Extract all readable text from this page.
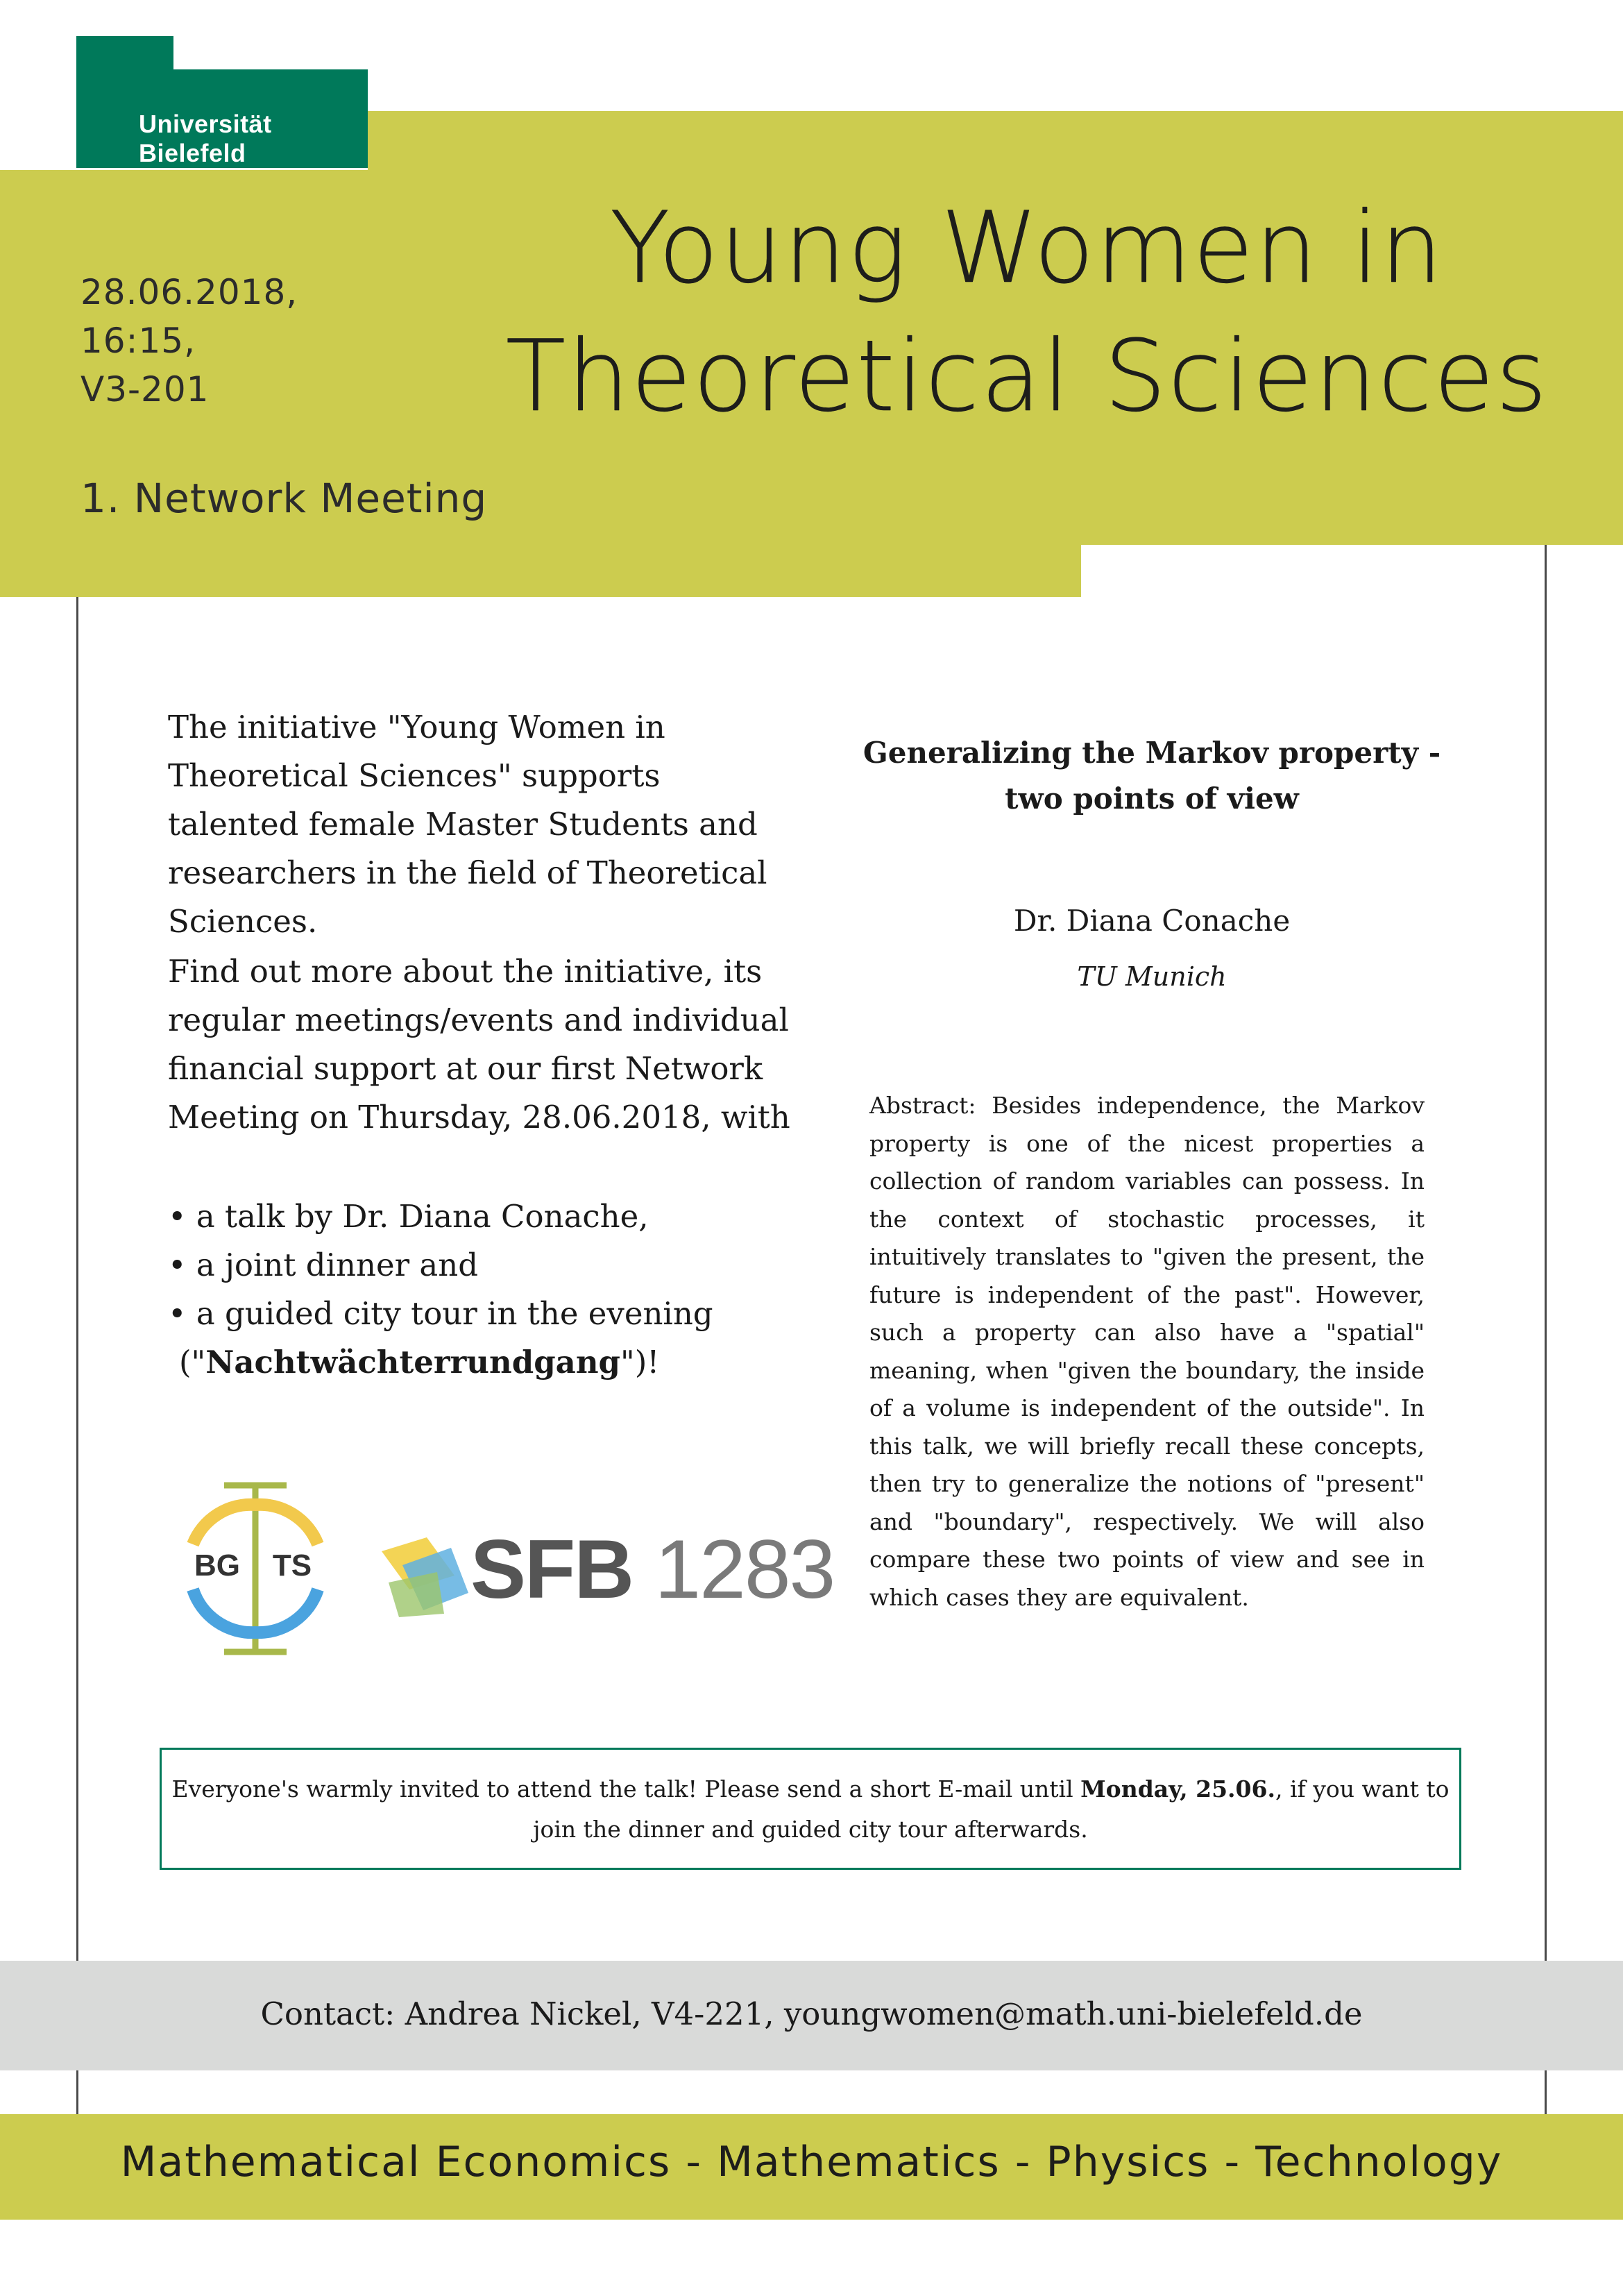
Universität Bielefeld
Young Women in
Theoretical Sciences
28.06.2018,
16:15,
V3-201
1. Network Meeting
The initiative "Young Women in Theoretical Sciences" supports talented female Master Students and researchers in the field of Theoretical Sciences.
Find out more about the initiative, its regular meetings/events and individual financial support at our first Network Meeting on Thursday, 28.06.2018, with
• a talk by Dr. Diana Conache,
• a joint dinner and
• a guided city tour in the evening
("Nachtwächterrundgang")!
Generalizing the Markov property -
two points of view
Dr. Diana Conache
TU Munich
Abstract: Besides independence, the Markov property is one of the nicest properties a collection of random variables can possess. In the context of stochastic processes, it intuitively translates to "given the present, the future is independent of the past". However, such a property can also have a "spatial" meaning, when "given the boundary, the inside of a volume is independent of the outside". In this talk, we will briefly recall these concepts, then try to generalize the notions of "present" and "boundary", respectively. We will also compare these two points of view and see in which cases they are equivalent.
BG TS SFB 1283
Everyone's warmly invited to attend the talk! Please send a short E-mail until Monday, 25.06., if you want to join the dinner and guided city tour afterwards.
Contact: Andrea Nickel, V4-221, youngwomen@math.uni-bielefeld.de
Mathematical Economics - Mathematics - Physics - Technology
